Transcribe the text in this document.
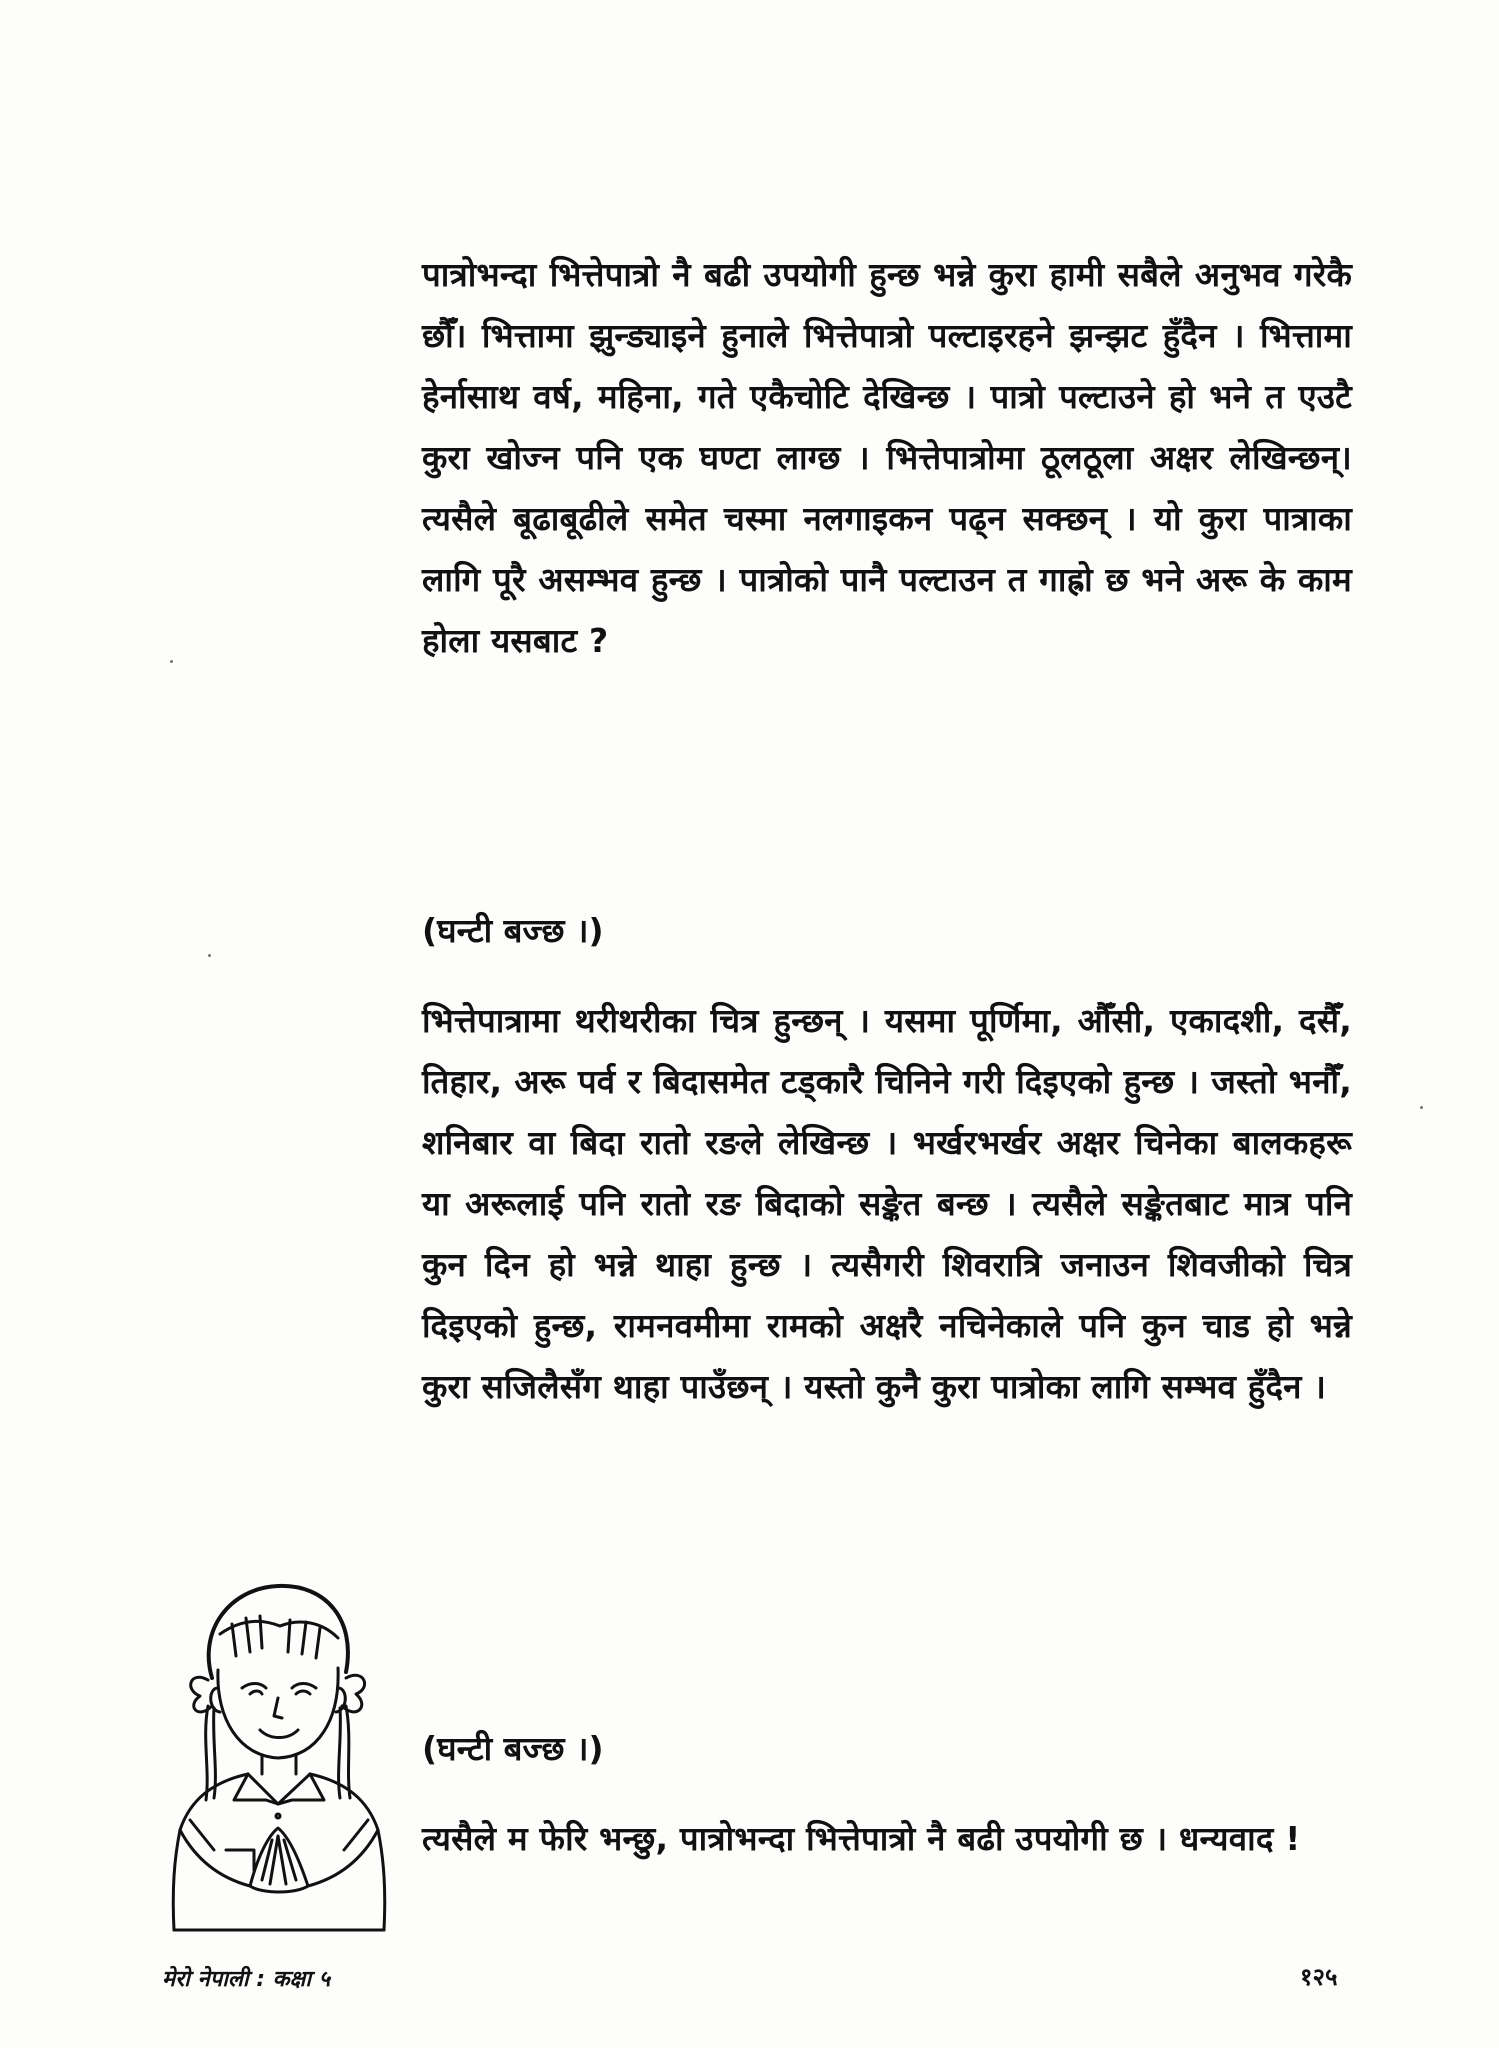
पात्रोभन्दा भित्तेपात्रो नै बढी उपयोगी हुन्छ भन्ने कुरा हामी सबैले अनुभव गरेकै छौँ। भित्तामा झुन्ड्याइने हुनाले भित्तेपात्रो पल्टाइरहने झन्झट हुँदैन । भित्तामा हेर्नासाथ वर्ष, महिना, गते एकैचोटि देखिन्छ । पात्रो पल्टाउने हो भने त एउटै कुरा खोज्न पनि एक घण्टा लाग्छ । भित्तेपात्रोमा ठूलठूला अक्षर लेखिन्छन्। त्यसैले बूढाबूढीले समेत चस्मा नलगाइकन पढ्न सक्छन् । यो कुरा पात्राका लागि पूरै असम्भव हुन्छ । पात्रोको पानै पल्टाउन त गाह्रो छ भने अरू के काम होला यसबाट ?

(घन्टी बज्छ ।)

भित्तेपात्रामा थरीथरीका चित्र हुन्छन् । यसमा पूर्णिमा, औँसी, एकादशी, दसैँ, तिहार, अरू पर्व र बिदासमेत टड्कारै चिनिने गरी दिइएको हुन्छ । जस्तो भनौँ, शनिबार वा बिदा रातो रङले लेखिन्छ । भर्खरभर्खर अक्षर चिनेका बालकहरू या अरूलाई पनि रातो रङ बिदाको सङ्केत बन्छ । त्यसैले सङ्केतबाट मात्र पनि कुन दिन हो भन्ने थाहा हुन्छ । त्यसैगरी शिवरात्रि जनाउन शिवजीको चित्र दिइएको हुन्छ, रामनवमीमा रामको अक्षरै नचिनेकाले पनि कुन चाड हो भन्ने कुरा सजिलैसँग थाहा पाउँछन् । यस्तो कुनै कुरा पात्रोका लागि सम्भव हुँदैन ।

(घन्टी बज्छ ।)

त्यसैले म फेरि भन्छु, पात्रोभन्दा भित्तेपात्रो नै बढी उपयोगी छ । धन्यवाद !

मेरो नेपाली : कक्षा ५	१२५
